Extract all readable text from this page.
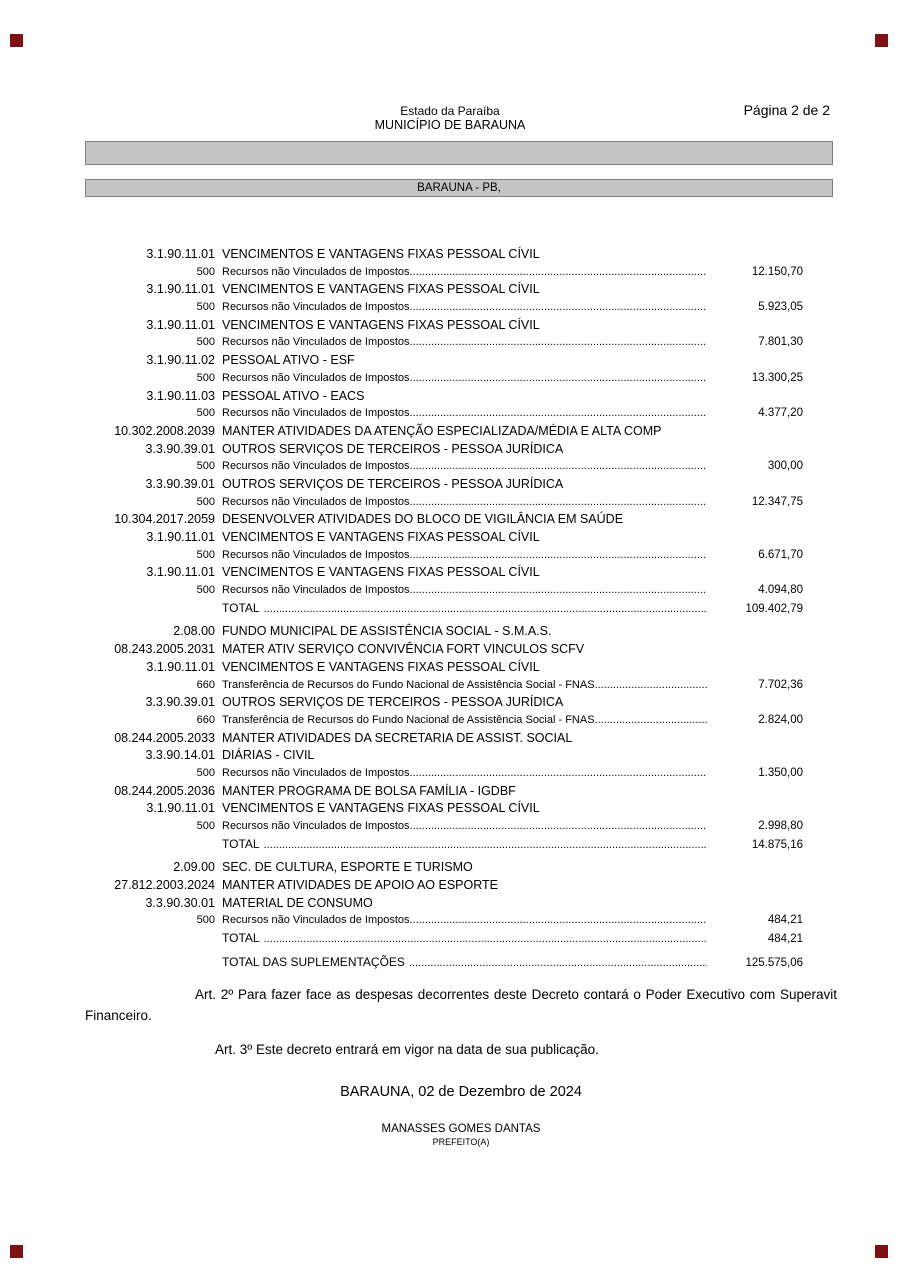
Estado da Paraíba
MUNICÍPIO DE BARAUNA
Página 2 de 2
BARAUNA - PB,
3.1.90.11.01 VENCIMENTOS E VANTAGENS FIXAS PESSOAL CÍVIL
500 Recursos não Vinculados de Impostos .....	12.150,70
3.1.90.11.01 VENCIMENTOS E VANTAGENS FIXAS PESSOAL CÍVIL
500 Recursos não Vinculados de Impostos .....	5.923,05
3.1.90.11.01 VENCIMENTOS E VANTAGENS FIXAS PESSOAL CÍVIL
500 Recursos não Vinculados de Impostos .....	7.801,30
3.1.90.11.02 PESSOAL ATIVO - ESF
500 Recursos não Vinculados de Impostos .....	13.300,25
3.1.90.11.03 PESSOAL ATIVO - EACS
500 Recursos não Vinculados de Impostos .....	4.377,20
10.302.2008.2039 MANTER ATIVIDADES DA ATENÇÃO ESPECIALIZADA/MÉDIA E ALTA COMP
3.3.90.39.01 OUTROS SERVIÇOS DE TERCEIROS - PESSOA JURÍDICA
500 Recursos não Vinculados de Impostos .....	300,00
3.3.90.39.01 OUTROS SERVIÇOS DE TERCEIROS - PESSOA JURÍDICA
500 Recursos não Vinculados de Impostos .....	12.347,75
10.304.2017.2059 DESENVOLVER ATIVIDADES DO BLOCO DE VIGILÂNCIA EM SAÚDE
3.1.90.11.01 VENCIMENTOS E VANTAGENS FIXAS PESSOAL CÍVIL
500 Recursos não Vinculados de Impostos .....	6.671,70
3.1.90.11.01 VENCIMENTOS E VANTAGENS FIXAS PESSOAL CÍVIL
500 Recursos não Vinculados de Impostos .....	4.094,80
TOTAL .....	109.402,79
2.08.00 FUNDO MUNICIPAL DE ASSISTÊNCIA SOCIAL - S.M.A.S.
08.243.2005.2031 MATER ATIV SERVIÇO CONVIVÊNCIA FORT VINCULOS SCFV
3.1.90.11.01 VENCIMENTOS E VANTAGENS FIXAS PESSOAL CÍVIL
660 Transferência de Recursos do Fundo Nacional de Assistência Social - FNAS .....	7.702,36
3.3.90.39.01 OUTROS SERVIÇOS DE TERCEIROS - PESSOA JURÍDICA
660 Transferência de Recursos do Fundo Nacional de Assistência Social - FNAS .....	2.824,00
08.244.2005.2033 MANTER ATIVIDADES DA SECRETARIA DE ASSIST. SOCIAL
3.3.90.14.01 DIÁRIAS - CIVIL
500 Recursos não Vinculados de Impostos .....	1.350,00
08.244.2005.2036 MANTER PROGRAMA DE BOLSA FAMÍLIA - IGDBF
3.1.90.11.01 VENCIMENTOS E VANTAGENS FIXAS PESSOAL CÍVIL
500 Recursos não Vinculados de Impostos .....	2.998,80
TOTAL .....	14.875,16
2.09.00 SEC. DE CULTURA, ESPORTE E TURISMO
27.812.2003.2024 MANTER ATIVIDADES DE APOIO AO ESPORTE
3.3.90.30.01 MATERIAL DE CONSUMO
500 Recursos não Vinculados de Impostos .....	484,21
TOTAL .....	484,21
TOTAL DAS SUPLEMENTAÇÕES .....	125.575,06
Art. 2º Para fazer face as despesas decorrentes deste Decreto contará o Poder Executivo com Superavit Financeiro.
Art. 3º Este decreto entrará em vigor na data de sua publicação.
BARAUNA, 02 de Dezembro de 2024
MANASSES GOMES DANTAS
PREFEITO(A)
